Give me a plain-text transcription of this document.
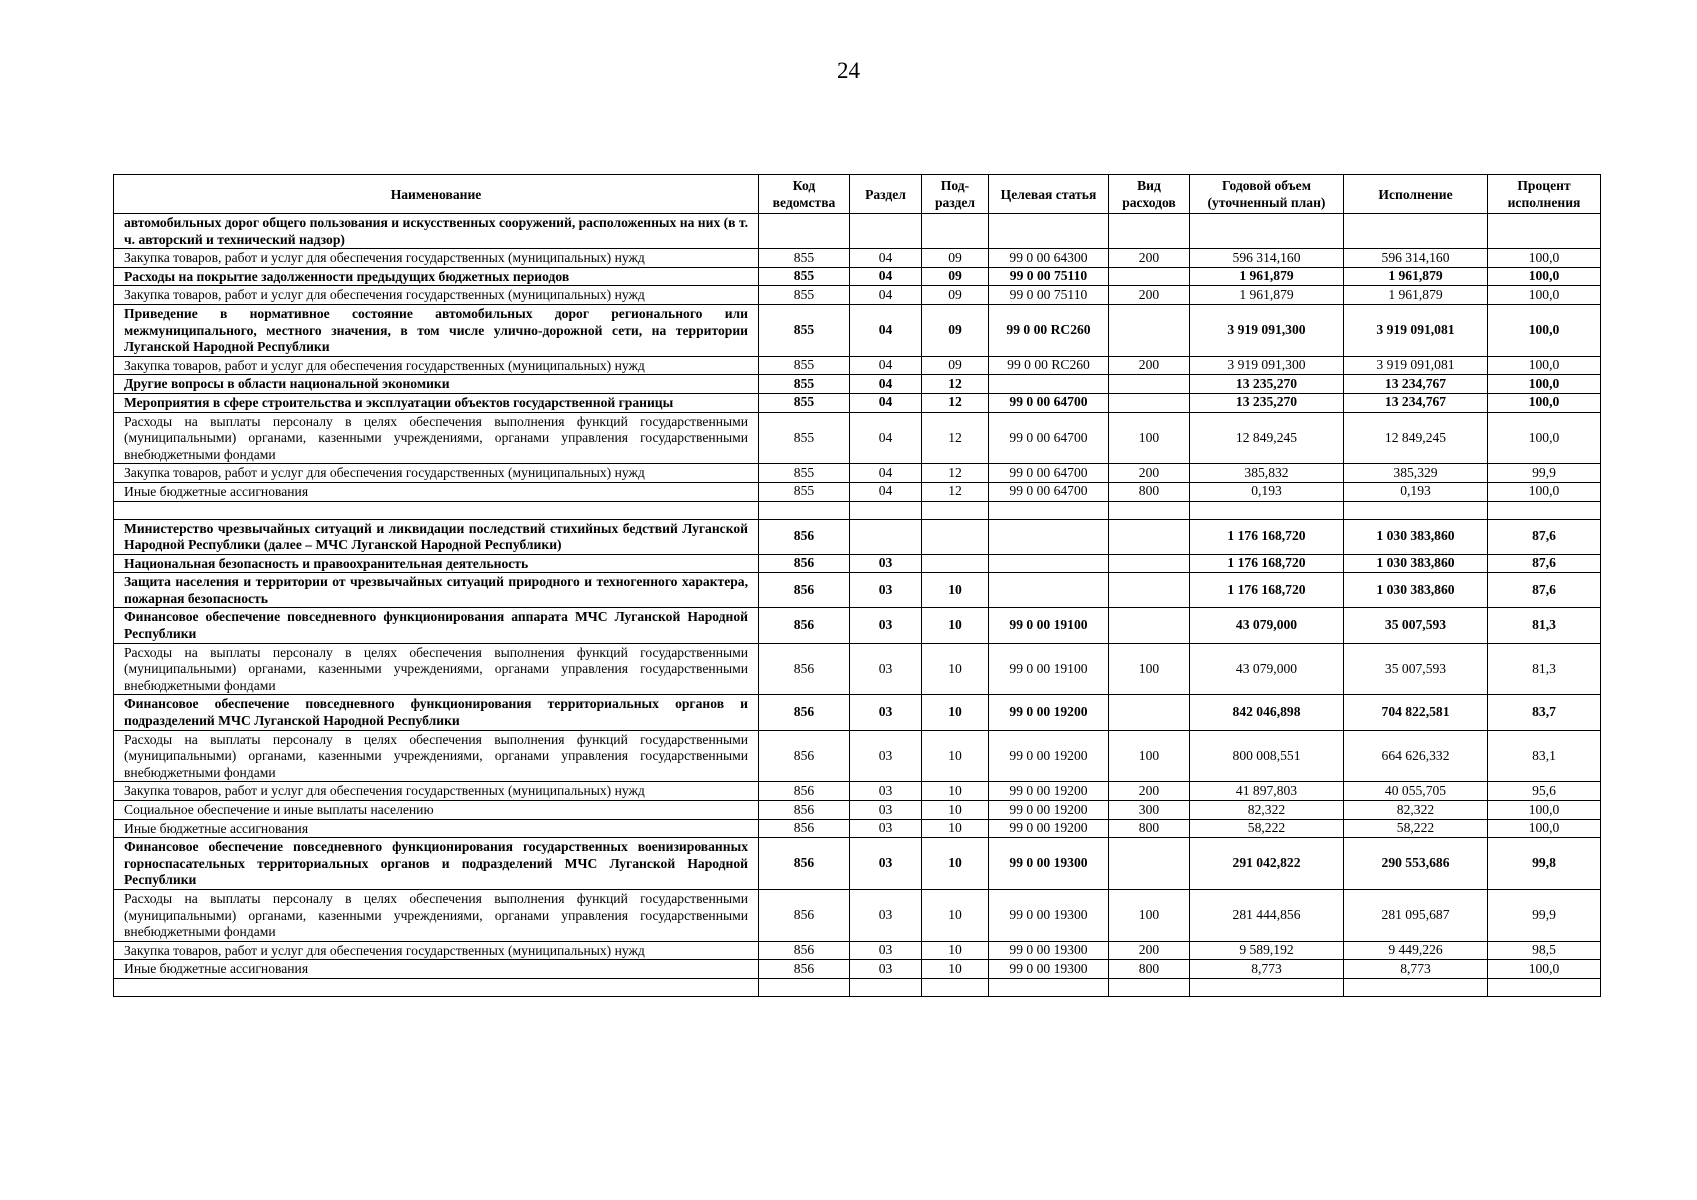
24
Наименование	Код ведомства	Раздел	Под-раздел	Целевая статья	Вид расходов	Годовой объем (уточненный план)	Исполнение	Процент исполнения
автомобильных дорог общего пользования и искусственных сооружений, расположенных на них (в т. ч. авторский и технический надзор)								
Закупка товаров, работ и услуг для обеспечения государственных (муниципальных) нужд	855	04	09	99 0 00 64300	200	596 314,160	596 314,160	100,0
Расходы на покрытие задолженности предыдущих бюджетных периодов	855	04	09	99 0 00 75110		1 961,879	1 961,879	100,0
Закупка товаров, работ и услуг для обеспечения государственных (муниципальных) нужд	855	04	09	99 0 00 75110	200	1 961,879	1 961,879	100,0
Приведение в нормативное состояние автомобильных дорог регионального или межмуниципального, местного значения, в том числе улично-дорожной сети, на территории Луганской Народной Республики	855	04	09	99 0 00 RC260		3 919 091,300	3 919 091,081	100,0
Закупка товаров, работ и услуг для обеспечения государственных (муниципальных) нужд	855	04	09	99 0 00 RC260	200	3 919 091,300	3 919 091,081	100,0
Другие вопросы в области национальной экономики	855	04	12			13 235,270	13 234,767	100,0
Мероприятия в сфере строительства и эксплуатации объектов государственной границы	855	04	12	99 0 00 64700		13 235,270	13 234,767	100,0
Расходы на выплаты персоналу в целях обеспечения выполнения функций государственными (муниципальными) органами, казенными учреждениями, органами управления государственными внебюджетными фондами	855	04	12	99 0 00 64700	100	12 849,245	12 849,245	100,0
Закупка товаров, работ и услуг для обеспечения государственных (муниципальных) нужд	855	04	12	99 0 00 64700	200	385,832	385,329	99,9
Иные бюджетные ассигнования	855	04	12	99 0 00 64700	800	0,193	0,193	100,0

Министерство чрезвычайных ситуаций и ликвидации последствий стихийных бедствий Луганской Народной Республики (далее – МЧС Луганской Народной Республики)	856					1 176 168,720	1 030 383,860	87,6
Национальная безопасность и правоохранительная деятельность	856	03				1 176 168,720	1 030 383,860	87,6
Защита населения и территории от чрезвычайных ситуаций природного и техногенного характера, пожарная безопасность	856	03	10			1 176 168,720	1 030 383,860	87,6
Финансовое обеспечение повседневного функционирования аппарата МЧС Луганской Народной Республики	856	03	10	99 0 00 19100		43 079,000	35 007,593	81,3
Расходы на выплаты персоналу в целях обеспечения выполнения функций государственными (муниципальными) органами, казенными учреждениями, органами управления государственными внебюджетными фондами	856	03	10	99 0 00 19100	100	43 079,000	35 007,593	81,3
Финансовое обеспечение повседневного функционирования территориальных органов и подразделений МЧС Луганской Народной Республики	856	03	10	99 0 00 19200		842 046,898	704 822,581	83,7
Расходы на выплаты персоналу в целях обеспечения выполнения функций государственными (муниципальными) органами, казенными учреждениями, органами управления государственными внебюджетными фондами	856	03	10	99 0 00 19200	100	800 008,551	664 626,332	83,1
Закупка товаров, работ и услуг для обеспечения государственных (муниципальных) нужд	856	03	10	99 0 00 19200	200	41 897,803	40 055,705	95,6
Социальное обеспечение и иные выплаты населению	856	03	10	99 0 00 19200	300	82,322	82,322	100,0
Иные бюджетные ассигнования	856	03	10	99 0 00 19200	800	58,222	58,222	100,0
Финансовое обеспечение повседневного функционирования государственных военизированных горноспасательных территориальных органов и подразделений МЧС Луганской Народной Республики	856	03	10	99 0 00 19300		291 042,822	290 553,686	99,8
Расходы на выплаты персоналу в целях обеспечения выполнения функций государственными (муниципальными) органами, казенными учреждениями, органами управления государственными внебюджетными фондами	856	03	10	99 0 00 19300	100	281 444,856	281 095,687	99,9
Закупка товаров, работ и услуг для обеспечения государственных (муниципальных) нужд	856	03	10	99 0 00 19300	200	9 589,192	9 449,226	98,5
Иные бюджетные ассигнования	856	03	10	99 0 00 19300	800	8,773	8,773	100,0
